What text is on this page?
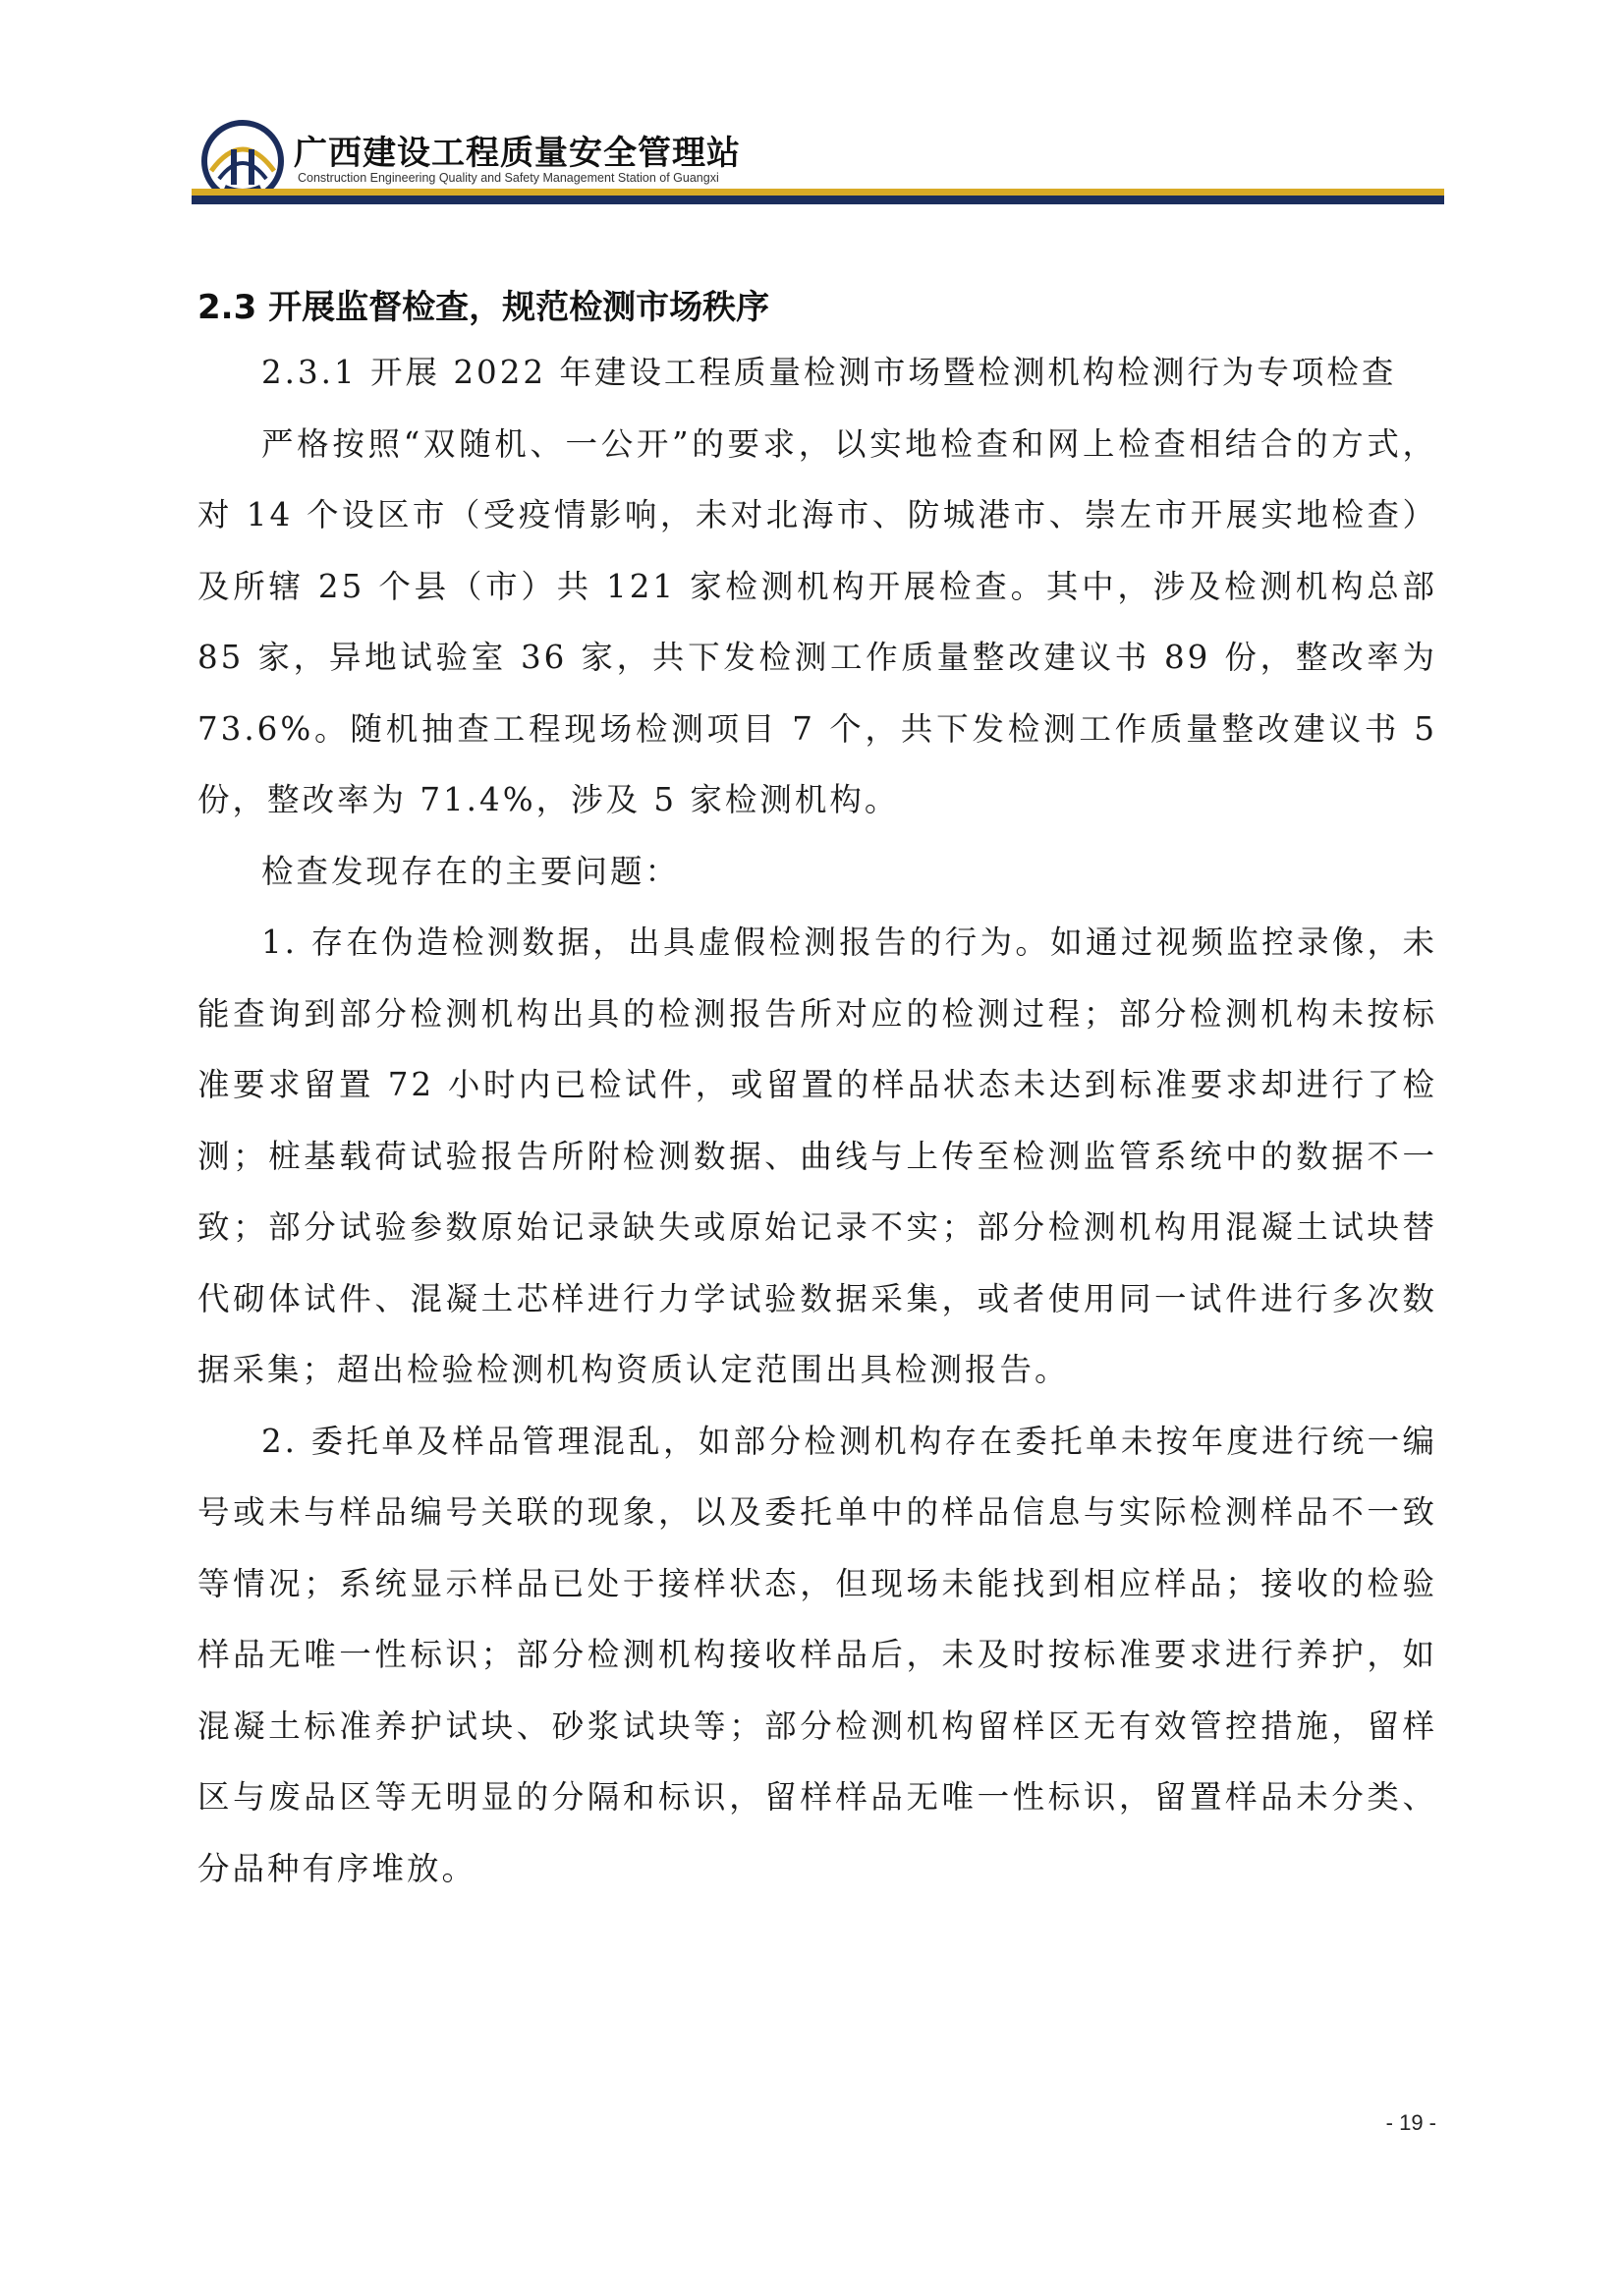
广西建设工程质量安全管理站
Construction Engineering Quality and Safety Management Station of Guangxi
2.3 开展监督检查，规范检测市场秩序

2.3.1 开展 2022 年建设工程质量检测市场暨检测机构检测行为专项检查

严格按照“双随机、一公开”的要求，以实地检查和网上检查相结合的方式，对 14 个设区市（受疫情影响，未对北海市、防城港市、崇左市开展实地检查）及所辖 25 个县（市）共 121 家检测机构开展检查。其中，涉及检测机构总部 85 家，异地试验室 36 家，共下发检测工作质量整改建议书 89 份，整改率为 73.6%。随机抽查工程现场检测项目 7 个，共下发检测工作质量整改建议书 5 份，整改率为 71.4%，涉及 5 家检测机构。

检查发现存在的主要问题：

1. 存在伪造检测数据，出具虚假检测报告的行为。如通过视频监控录像，未能查询到部分检测机构出具的检测报告所对应的检测过程；部分检测机构未按标准要求留置 72 小时内已检试件，或留置的样品状态未达到标准要求却进行了检测；桩基载荷试验报告所附检测数据、曲线与上传至检测监管系统中的数据不一致；部分试验参数原始记录缺失或原始记录不实；部分检测机构用混凝土试块替代砌体试件、混凝土芯样进行力学试验数据采集，或者使用同一试件进行多次数据采集；超出检验检测机构资质认定范围出具检测报告。

2. 委托单及样品管理混乱，如部分检测机构存在委托单未按年度进行统一编号或未与样品编号关联的现象，以及委托单中的样品信息与实际检测样品不一致等情况；系统显示样品已处于接样状态，但现场未能找到相应样品；接收的检验样品无唯一性标识；部分检测机构接收样品后，未及时按标准要求进行养护，如混凝土标准养护试块、砂浆试块等；部分检测机构留样区无有效管控措施，留样区与废品区等无明显的分隔和标识，留样样品无唯一性标识，留置样品未分类、分品种有序堆放。

- 19 -
